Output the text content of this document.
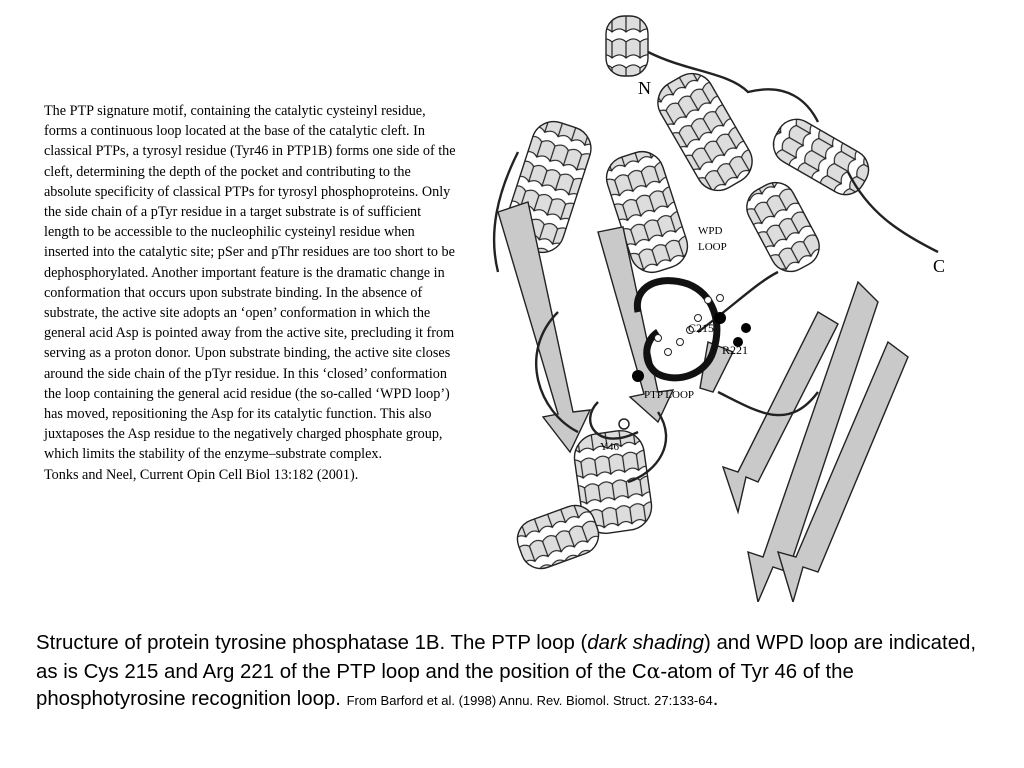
The PTP signature motif, containing the catalytic cysteinyl residue, forms a continuous loop located at the base of the catalytic cleft. In classical PTPs, a tyrosyl residue (Tyr46 in PTP1B) forms one side of the cleft, determining the depth of the pocket and contributing to the absolute specificity of classical PTPs for tyrosyl phosphoproteins. Only the side chain of a pTyr residue in a target substrate is of sufficient length to be accessible to the nucleophilic cysteinyl residue when inserted into the catalytic site; pSer and pThr residues are too short to be dephosphorylated. Another important feature is the dramatic change in conformation that occurs upon substrate binding. In the absence of substrate, the active site adopts an ‘open’ conformation in which the general acid Asp is pointed away from the active site, precluding it from serving as a proton donor. Upon substrate binding, the active site closes around the side chain of the pTyr residue. In this ‘closed’ conformation the loop containing the general acid residue (the so-called ‘WPD loop’) has moved, repositioning the Asp for its catalytic function. This also juxtaposes the Asp residue to the negatively charged phosphate group, which limits the stability of the enzyme–substrate complex.
Tonks and Neel, Current Opin Cell Biol 13:182 (2001).

N
C
WPD
LOOP
C215
R221
PTP LOOP
Y46
Structure of protein tyrosine phosphatase 1B. The PTP loop (dark shading) and WPD loop are indicated, as is Cys 215 and Arg 221 of the PTP loop and the position of the Cα-atom of Tyr 46 of the phosphotyrosine recognition loop. From Barford et al. (1998) Annu. Rev. Biomol. Struct. 27:133-64.
